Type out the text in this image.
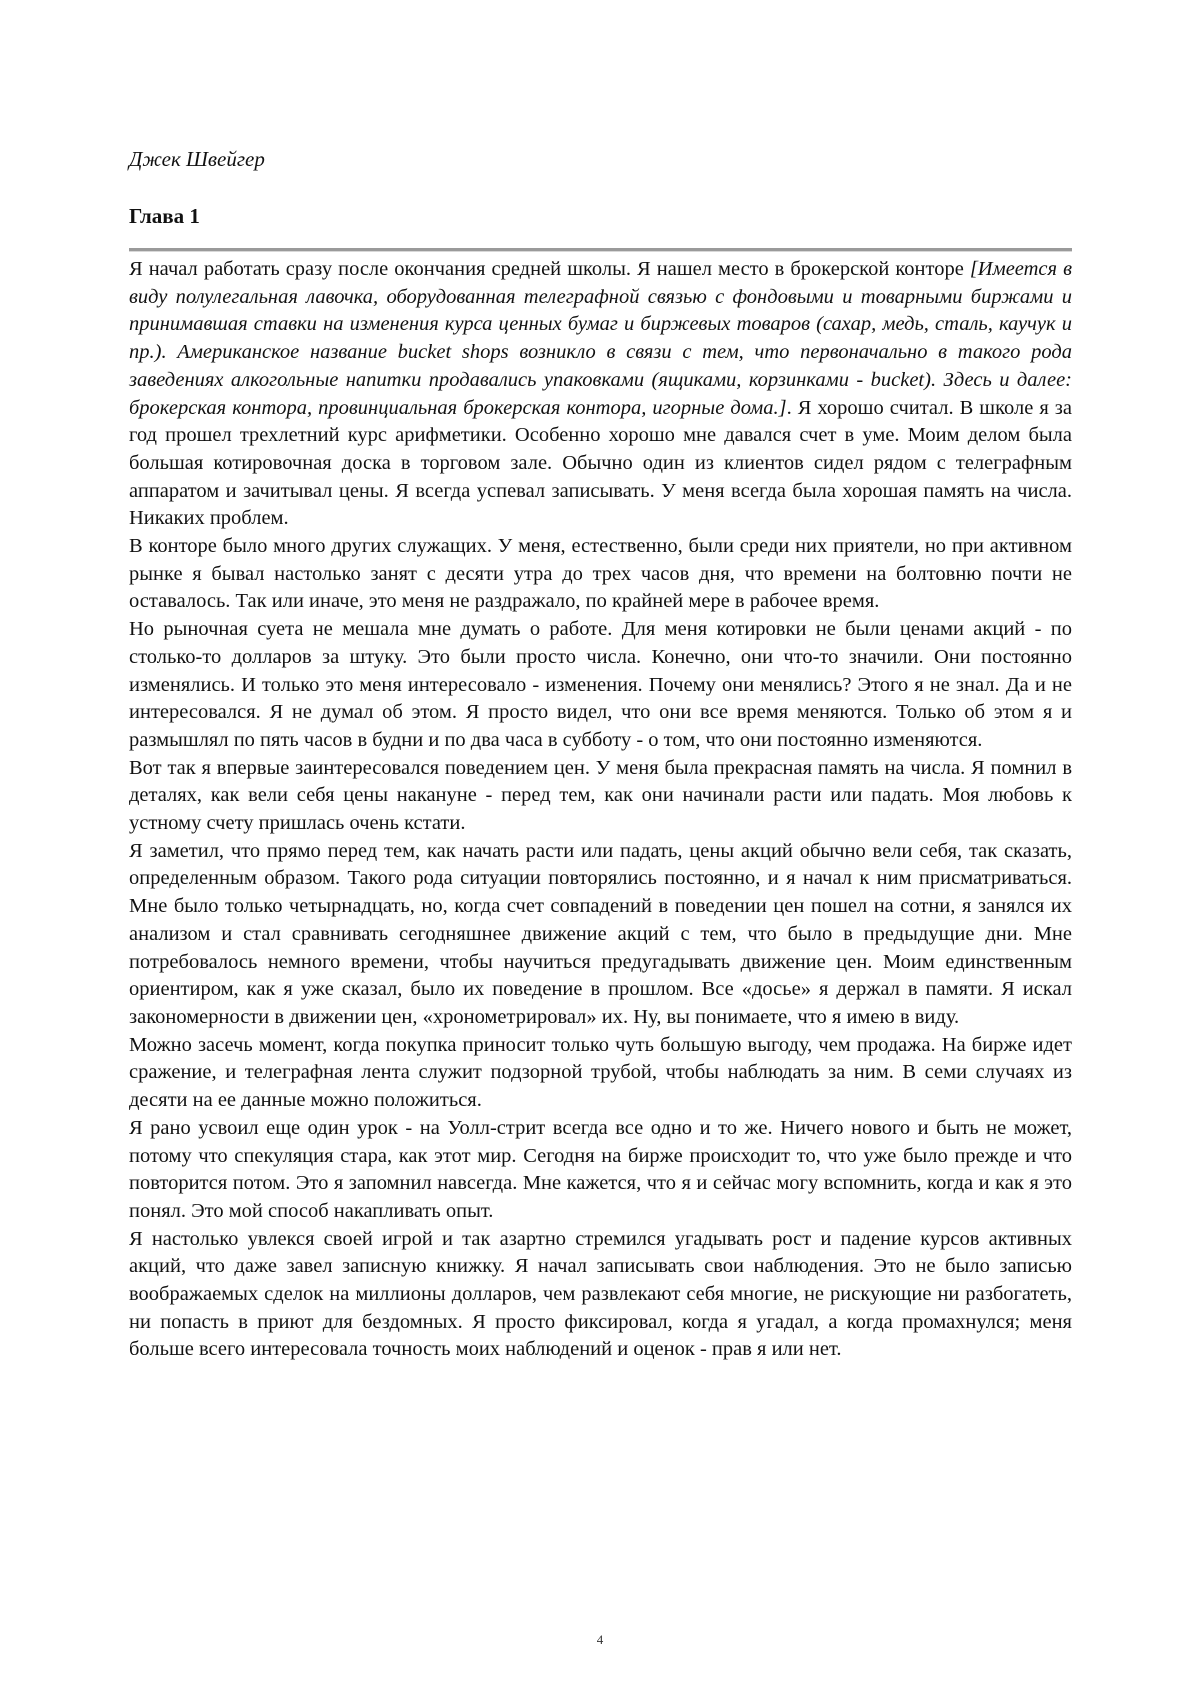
Джек Швейгер

Глава 1

Я начал работать сразу после окончания средней школы. Я нашел место в брокерской конторе [Имеется в виду полулегальная лавочка, оборудованная телеграфной связью с фондовыми и товарными биржами и принимавшая ставки на изменения курса ценных бумаг и биржевых товаров (сахар, медь, сталь, каучук и пр.). Американское название bucket shops возникло в связи с тем, что первоначально в такого рода заведениях алкогольные напитки продавались упаковками (ящиками, корзинками - bucket). Здесь и далее: брокерская контора, провинциальная брокерская контора, игорные дома.]. Я хорошо считал. В школе я за год прошел трехлетний курс арифметики. Особенно хорошо мне давался счет в уме. Моим делом была большая котировочная доска в торговом зале. Обычно один из клиентов сидел рядом с телеграфным аппаратом и зачитывал цены. Я всегда успевал записывать. У меня всегда была хорошая память на числа. Никаких проблем.

В конторе было много других служащих. У меня, естественно, были среди них приятели, но при активном рынке я бывал настолько занят с десяти утра до трех часов дня, что времени на болтовню почти не оставалось. Так или иначе, это меня не раздражало, по крайней мере в рабочее время.

Но рыночная суета не мешала мне думать о работе. Для меня котировки не были ценами акций - по столько-то долларов за штуку. Это были просто числа. Конечно, они что-то значили. Они постоянно изменялись. И только это меня интересовало - изменения. Почему они менялись? Этого я не знал. Да и не интересовался. Я не думал об этом. Я просто видел, что они все время меняются. Только об этом я и размышлял по пять часов в будни и по два часа в субботу - о том, что они постоянно изменяются.

Вот так я впервые заинтересовался поведением цен. У меня была прекрасная память на числа. Я помнил в деталях, как вели себя цены накануне - перед тем, как они начинали расти или падать. Моя любовь к устному счету пришлась очень кстати.

Я заметил, что прямо перед тем, как начать расти или падать, цены акций обычно вели себя, так сказать, определенным образом. Такого рода ситуации повторялись постоянно, и я начал к ним присматриваться. Мне было только четырнадцать, но, когда счет совпадений в поведении цен пошел на сотни, я занялся их анализом и стал сравнивать сегодняшнее движение акций с тем, что было в предыдущие дни. Мне потребовалось немного времени, чтобы научиться предугадывать движение цен. Моим единственным ориентиром, как я уже сказал, было их поведение в прошлом. Все «досье» я держал в памяти. Я искал закономерности в движении цен, «хронометрировал» их. Ну, вы понимаете, что я имею в виду.

Можно засечь момент, когда покупка приносит только чуть большую выгоду, чем продажа. На бирже идет сражение, и телеграфная лента служит подзорной трубой, чтобы наблюдать за ним. В семи случаях из десяти на ее данные можно положиться.

Я рано усвоил еще один урок - на Уолл-стрит всегда все одно и то же. Ничего нового и быть не может, потому что спекуляция стара, как этот мир. Сегодня на бирже происходит то, что уже было прежде и что повторится потом. Это я запомнил навсегда. Мне кажется, что я и сейчас могу вспомнить, когда и как я это понял. Это мой способ накапливать опыт.

Я настолько увлекся своей игрой и так азартно стремился угадывать рост и падение курсов активных акций, что даже завел записную книжку. Я начал записывать свои наблюдения. Это не было записью воображаемых сделок на миллионы долларов, чем развлекают себя многие, не рискующие ни разбогатеть, ни попасть в приют для бездомных. Я просто фиксировал, когда я угадал, а когда промахнулся; меня больше всего интересовала точность моих наблюдений и оценок - прав я или нет.

4
